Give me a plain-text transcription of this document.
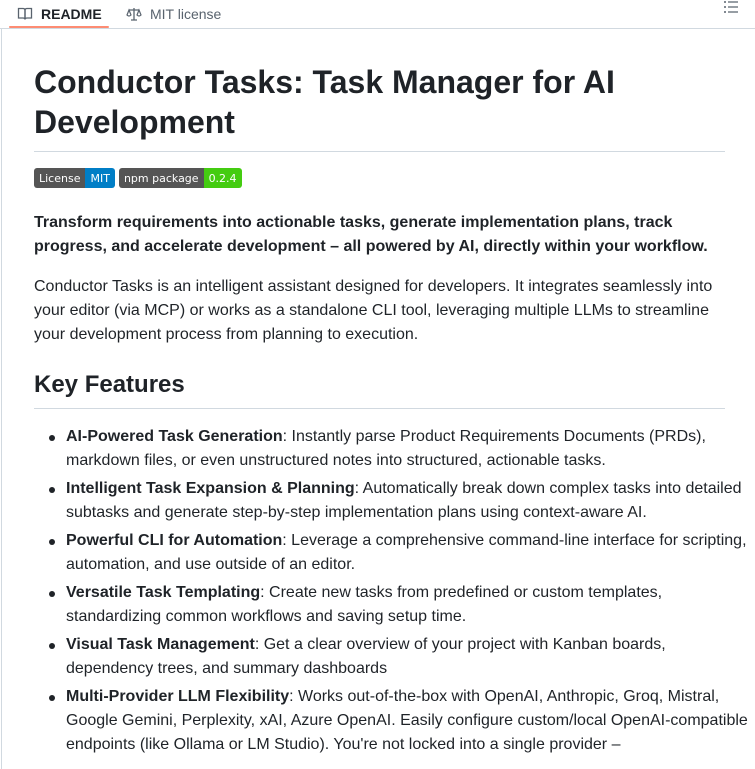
README	MIT license
Conductor Tasks: Task Manager for AI Development
License MIT	npm package 0.2.4

Transform requirements into actionable tasks, generate implementation plans, track progress, and accelerate development – all powered by AI, directly within your workflow.

Conductor Tasks is an intelligent assistant designed for developers. It integrates seamlessly into your editor (via MCP) or works as a standalone CLI tool, leveraging multiple LLMs to streamline your development process from planning to execution.

Key Features
AI-Powered Task Generation: Instantly parse Product Requirements Documents (PRDs), markdown files, or even unstructured notes into structured, actionable tasks.
Intelligent Task Expansion & Planning: Automatically break down complex tasks into detailed subtasks and generate step-by-step implementation plans using context-aware AI.
Powerful CLI for Automation: Leverage a comprehensive command-line interface for scripting, automation, and use outside of an editor.
Versatile Task Templating: Create new tasks from predefined or custom templates, standardizing common workflows and saving setup time.
Visual Task Management: Get a clear overview of your project with Kanban boards, dependency trees, and summary dashboards
Multi-Provider LLM Flexibility: Works out-of-the-box with OpenAI, Anthropic, Groq, Mistral, Google Gemini, Perplexity, xAI, Azure OpenAI. Easily configure custom/local OpenAI-compatible endpoints (like Ollama or LM Studio). You're not locked into a single provider –
